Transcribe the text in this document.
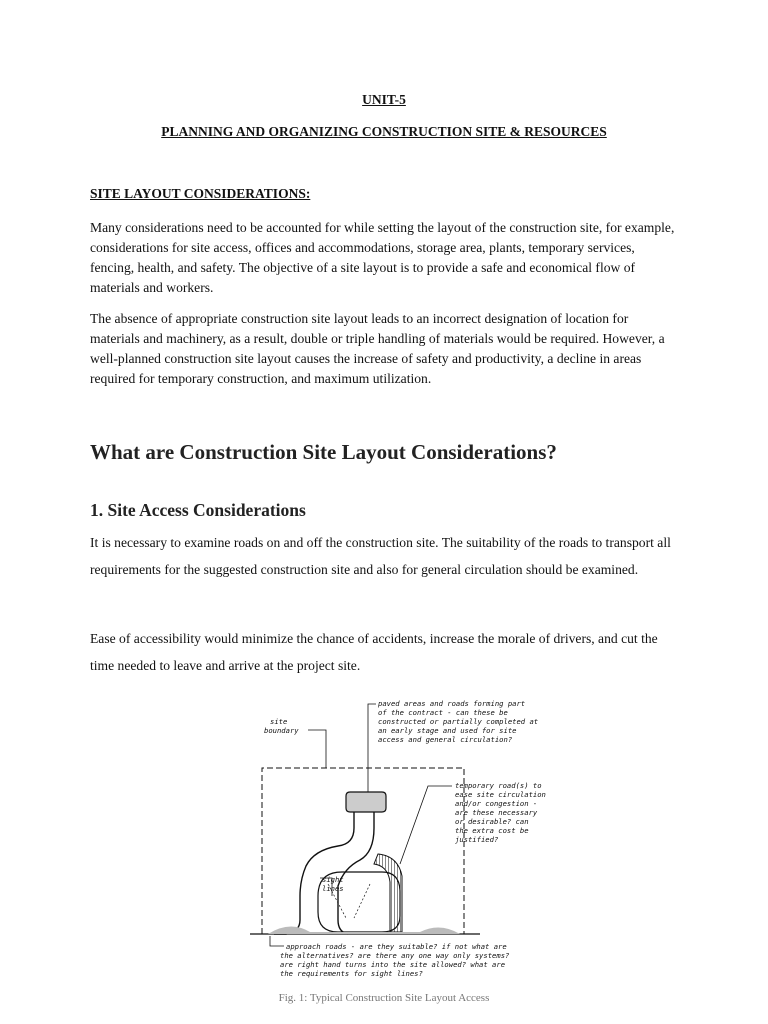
UNIT-5
PLANNING AND ORGANIZING CONSTRUCTION SITE & RESOURCES
SITE LAYOUT CONSIDERATIONS:

Many considerations need to be accounted for while setting the layout of the construction site, for example, considerations for site access, offices and accommodations, storage area, plants, temporary services, fencing, health, and safety. The objective of a site layout is to provide a safe and economical flow of materials and workers.

The absence of appropriate construction site layout leads to an incorrect designation of location for materials and machinery, as a result, double or triple handling of materials would be required. However, a well-planned construction site layout causes the increase of safety and productivity, a decline in areas required for temporary construction, and maximum utilization.

What are Construction Site Layout Considerations?
1. Site Access Considerations

It is necessary to examine roads on and off the construction site. The suitability of the roads to transport all requirements for the suggested construction site and also for general circulation should be examined.

Ease of accessibility would minimize the chance of accidents, increase the morale of drivers, and cut the time needed to leave and arrive at the project site.

site
boundary
paved areas and roads forming part
of the contract - can these be
constructed or partially completed at
an early stage and used for site
access and general circulation?
temporary road(s) to
ease site circulation
and/or congestion -
are these necessary
or desirable? can
the extra cost be
justified?
sight
lines
approach roads - are they suitable? if not what are
the alternatives? are there any one way only systems?
are right hand turns into the site allowed? what are
the requirements for sight lines?
Fig. 1: Typical Construction Site Layout Access
